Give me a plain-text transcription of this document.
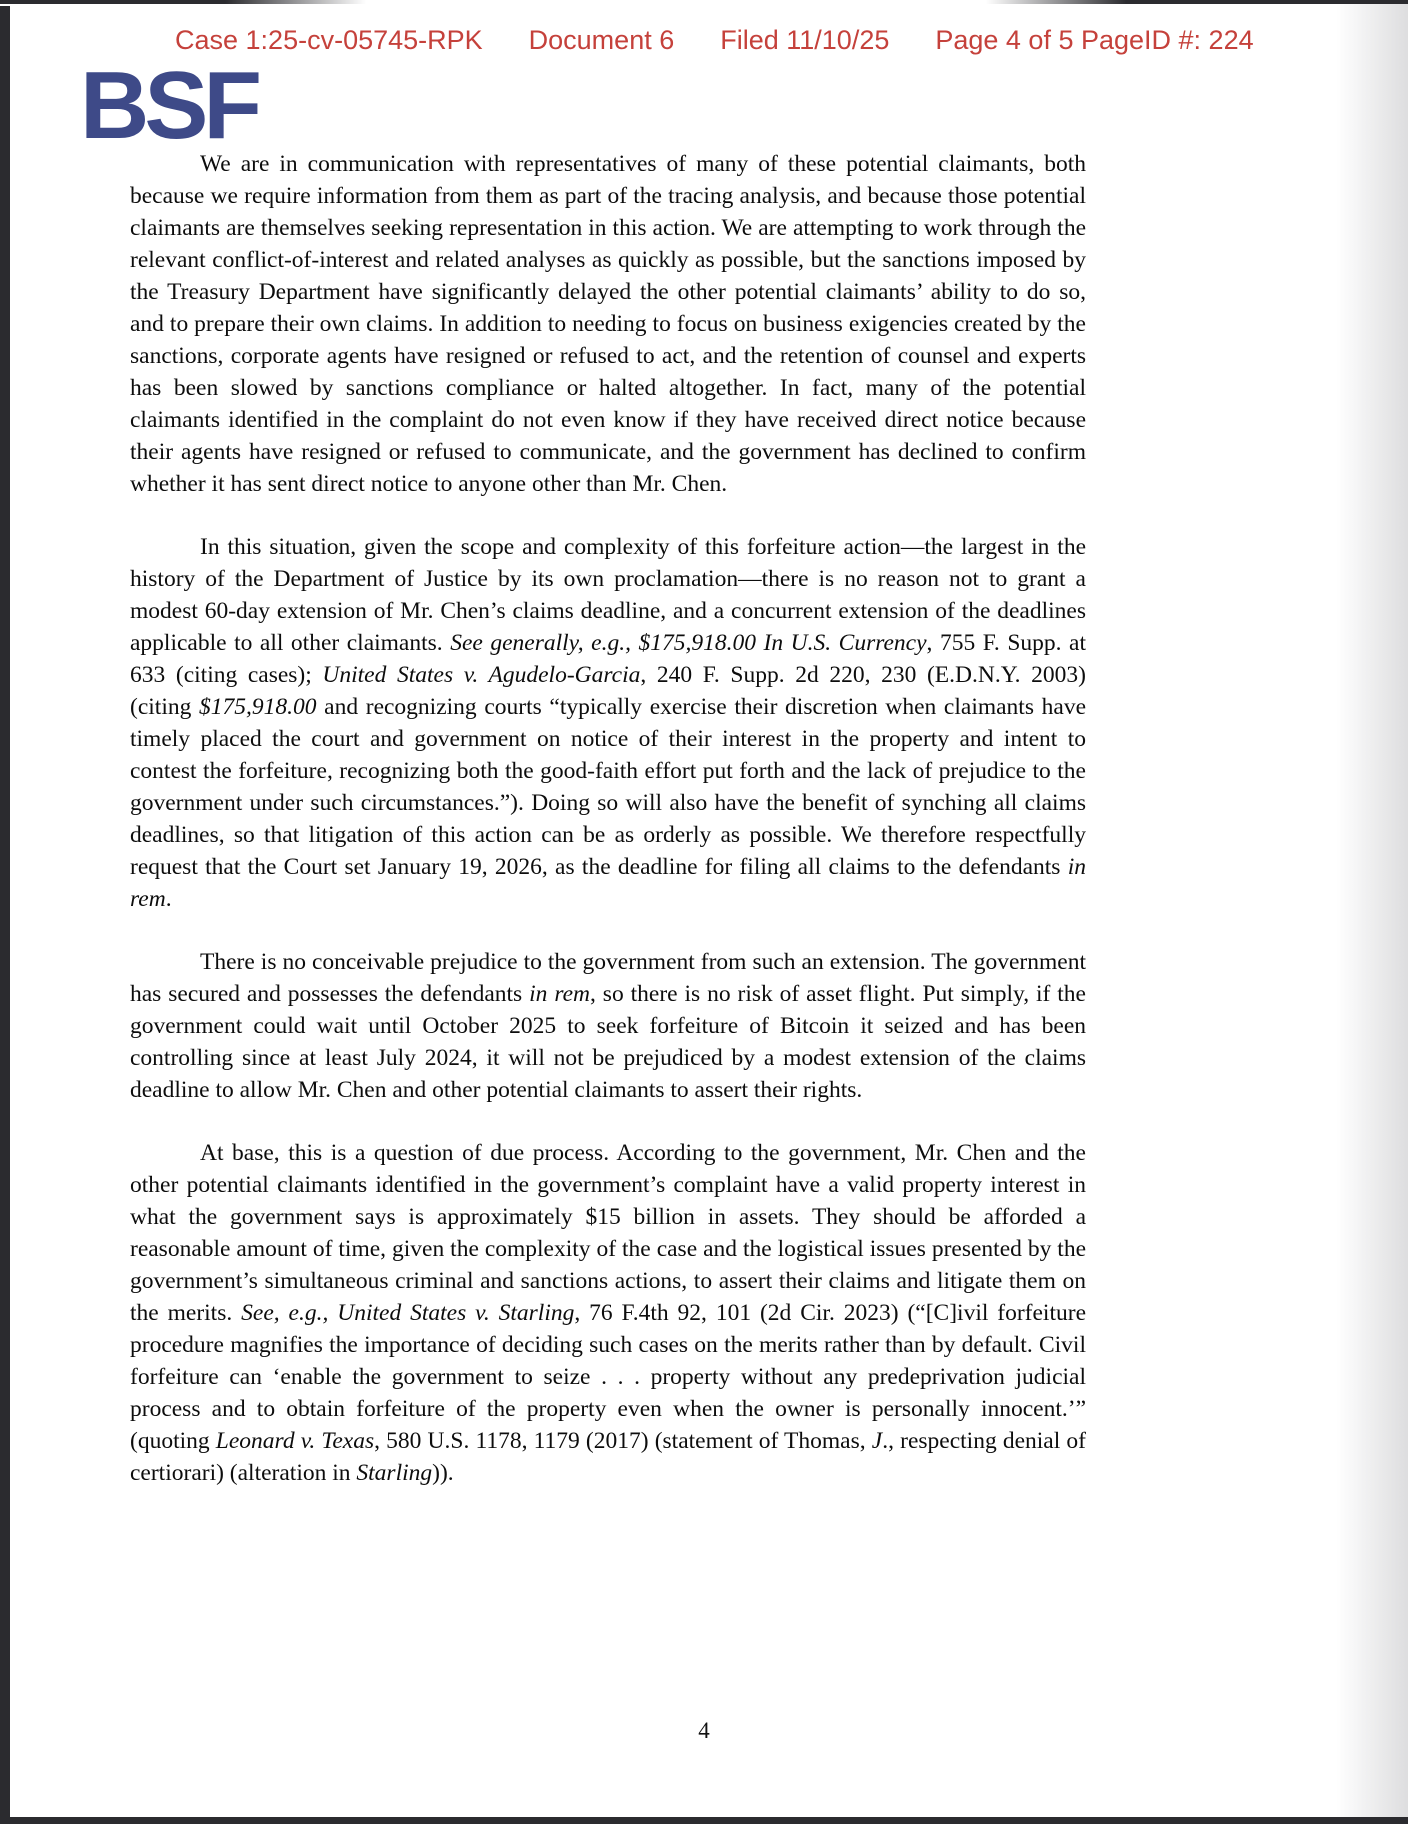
Case 1:25-cv-05745-RPK Document 6 Filed 11/10/25 Page 4 of 5 PageID #: 224
BSF

We are in communication with representatives of many of these potential claimants, both because we require information from them as part of the tracing analysis, and because those potential claimants are themselves seeking representation in this action. We are attempting to work through the relevant conflict-of-interest and related analyses as quickly as possible, but the sanctions imposed by the Treasury Department have significantly delayed the other potential claimants’ ability to do so, and to prepare their own claims. In addition to needing to focus on business exigencies created by the sanctions, corporate agents have resigned or refused to act, and the retention of counsel and experts has been slowed by sanctions compliance or halted altogether. In fact, many of the potential claimants identified in the complaint do not even know if they have received direct notice because their agents have resigned or refused to communicate, and the government has declined to confirm whether it has sent direct notice to anyone other than Mr. Chen.

In this situation, given the scope and complexity of this forfeiture action—the largest in the history of the Department of Justice by its own proclamation—there is no reason not to grant a modest 60-day extension of Mr. Chen’s claims deadline, and a concurrent extension of the deadlines applicable to all other claimants. See generally, e.g., $175,918.00 In U.S. Currency, 755 F. Supp. at 633 (citing cases); United States v. Agudelo-Garcia, 240 F. Supp. 2d 220, 230 (E.D.N.Y. 2003) (citing $175,918.00 and recognizing courts “typically exercise their discretion when claimants have timely placed the court and government on notice of their interest in the property and intent to contest the forfeiture, recognizing both the good-faith effort put forth and the lack of prejudice to the government under such circumstances.”). Doing so will also have the benefit of synching all claims deadlines, so that litigation of this action can be as orderly as possible. We therefore respectfully request that the Court set January 19, 2026, as the deadline for filing all claims to the defendants in rem.

There is no conceivable prejudice to the government from such an extension. The government has secured and possesses the defendants in rem, so there is no risk of asset flight. Put simply, if the government could wait until October 2025 to seek forfeiture of Bitcoin it seized and has been controlling since at least July 2024, it will not be prejudiced by a modest extension of the claims deadline to allow Mr. Chen and other potential claimants to assert their rights.

At base, this is a question of due process. According to the government, Mr. Chen and the other potential claimants identified in the government’s complaint have a valid property interest in what the government says is approximately $15 billion in assets. They should be afforded a reasonable amount of time, given the complexity of the case and the logistical issues presented by the government’s simultaneous criminal and sanctions actions, to assert their claims and litigate them on the merits. See, e.g., United States v. Starling, 76 F.4th 92, 101 (2d Cir. 2023) (“[C]ivil forfeiture procedure magnifies the importance of deciding such cases on the merits rather than by default. Civil forfeiture can ‘enable the government to seize . . . property without any predeprivation judicial process and to obtain forfeiture of the property even when the owner is personally innocent.’” (quoting Leonard v. Texas, 580 U.S. 1178, 1179 (2017) (statement of Thomas, J., respecting denial of certiorari) (alteration in Starling)).

4
